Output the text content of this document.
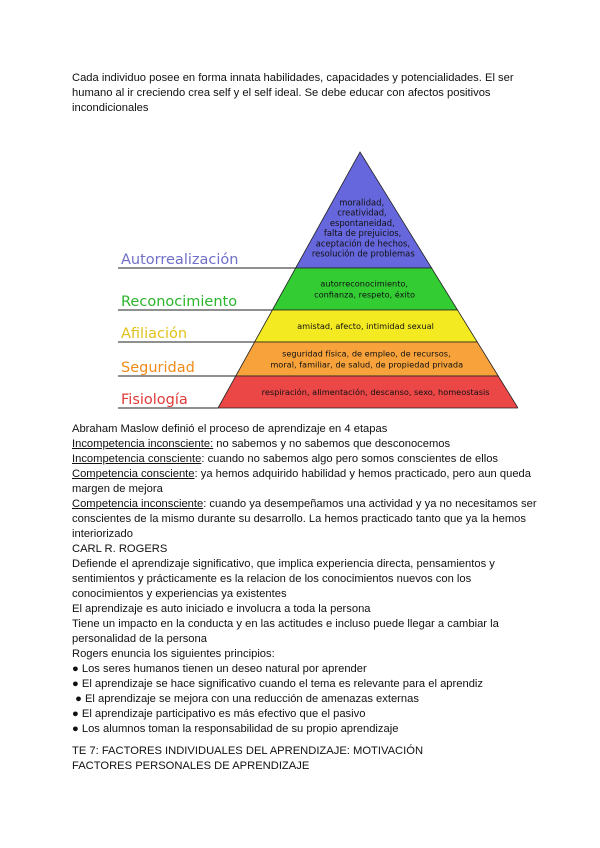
Cada individuo posee en forma innata habilidades, capacidades y potencialidades. El ser humano al ir creciendo crea self y el self ideal. Se debe educar con afectos positivos incondicionales
Autorrealización
moralidad,
creatividad,
espontaneidad,
falta de prejuicios,
aceptación de hechos,
resolución de problemas
Reconocimiento
autorreconocimiento,
confianza, respeto, éxito
Afiliación	amistad, afecto, intimidad sexual
Seguridad
seguridad física, de empleo, de recursos,
moral, familiar, de salud, de propiedad privada
Fisiología	respiración, alimentación, descanso, sexo, homeostasis

Abraham Maslow definió el proceso de aprendizaje en 4 etapas

Incompetencia inconsciente: no sabemos y no sabemos que desconocemos

Incompetencia consciente: cuando no sabemos algo pero somos conscientes de ellos

Competencia consciente: ya hemos adquirido habilidad y hemos practicado, pero aun queda margen de mejora

Competencia inconsciente: cuando ya desempeñamos una actividad y ya no necesitamos ser conscientes de la mismo durante su desarrollo. La hemos practicado tanto que ya la hemos interiorizado

CARL R. ROGERS

Defiende el aprendizaje significativo, que implica experiencia directa, pensamientos y sentimientos y prácticamente es la relacion de los conocimientos nuevos con los conocimientos y experiencias ya existentes

El aprendizaje es auto iniciado e involucra a toda la persona

Tiene un impacto en la conducta y en las actitudes e incluso puede llegar a cambiar la personalidad de la persona

Rogers enuncia los siguientes principios:

● Los seres humanos tienen un deseo natural por aprender

● El aprendizaje se hace significativo cuando el tema es relevante para el aprendiz

● El aprendizaje se mejora con una reducción de amenazas externas

● El aprendizaje participativo es más efectivo que el pasivo

● Los alumnos toman la responsabilidad de su propio aprendizaje

TE 7: FACTORES INDIVIDUALES DEL APRENDIZAJE: MOTIVACIÓN

FACTORES PERSONALES DE APRENDIZAJE
